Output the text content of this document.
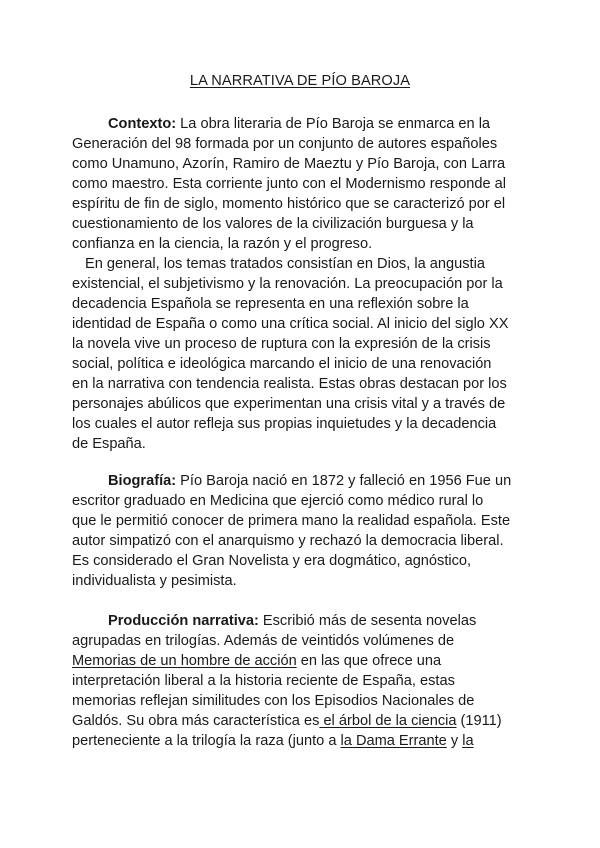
LA NARRATIVA DE PÍO BAROJA
Contexto: La obra literaria de Pío Baroja se enmarca en la
Generación del 98 formada por un conjunto de autores españoles
como Unamuno, Azorín, Ramiro de Maeztu y Pío Baroja, con Larra
como maestro. Esta corriente junto con el Modernismo responde al
espíritu de fin de siglo, momento histórico que se caracterizó por el
cuestionamiento de los valores de la civilización burguesa y la
confianza en la ciencia, la razón y el progreso.
En general, los temas tratados consistían en Dios, la angustia
existencial, el subjetivismo y la renovación. La preocupación por la
decadencia Española se representa en una reflexión sobre la
identidad de España o como una crítica social. Al inicio del siglo XX
la novela vive un proceso de ruptura con la expresión de la crisis
social, política e ideológica marcando el inicio de una renovación
en la narrativa con tendencia realista. Estas obras destacan por los
personajes abúlicos que experimentan una crisis vital y a través de
los cuales el autor refleja sus propias inquietudes y la decadencia
de España.
Biografía: Pío Baroja nació en 1872 y falleció en 1956 Fue un
escritor graduado en Medicina que ejerció como médico rural lo
que le permitió conocer de primera mano la realidad española. Este
autor simpatizó con el anarquismo y rechazó la democracia liberal.
Es considerado el Gran Novelista y era dogmático, agnóstico,
individualista y pesimista.
Producción narrativa: Escribió más de sesenta novelas
agrupadas en trilogías. Además de veintidós volúmenes de
Memorias de un hombre de acción en las que ofrece una
interpretación liberal a la historia reciente de España, estas
memorias reflejan similitudes con los Episodios Nacionales de
Galdós. Su obra más característica es el árbol de la ciencia (1911)
perteneciente a la trilogía la raza (junto a la Dama Errante y la
